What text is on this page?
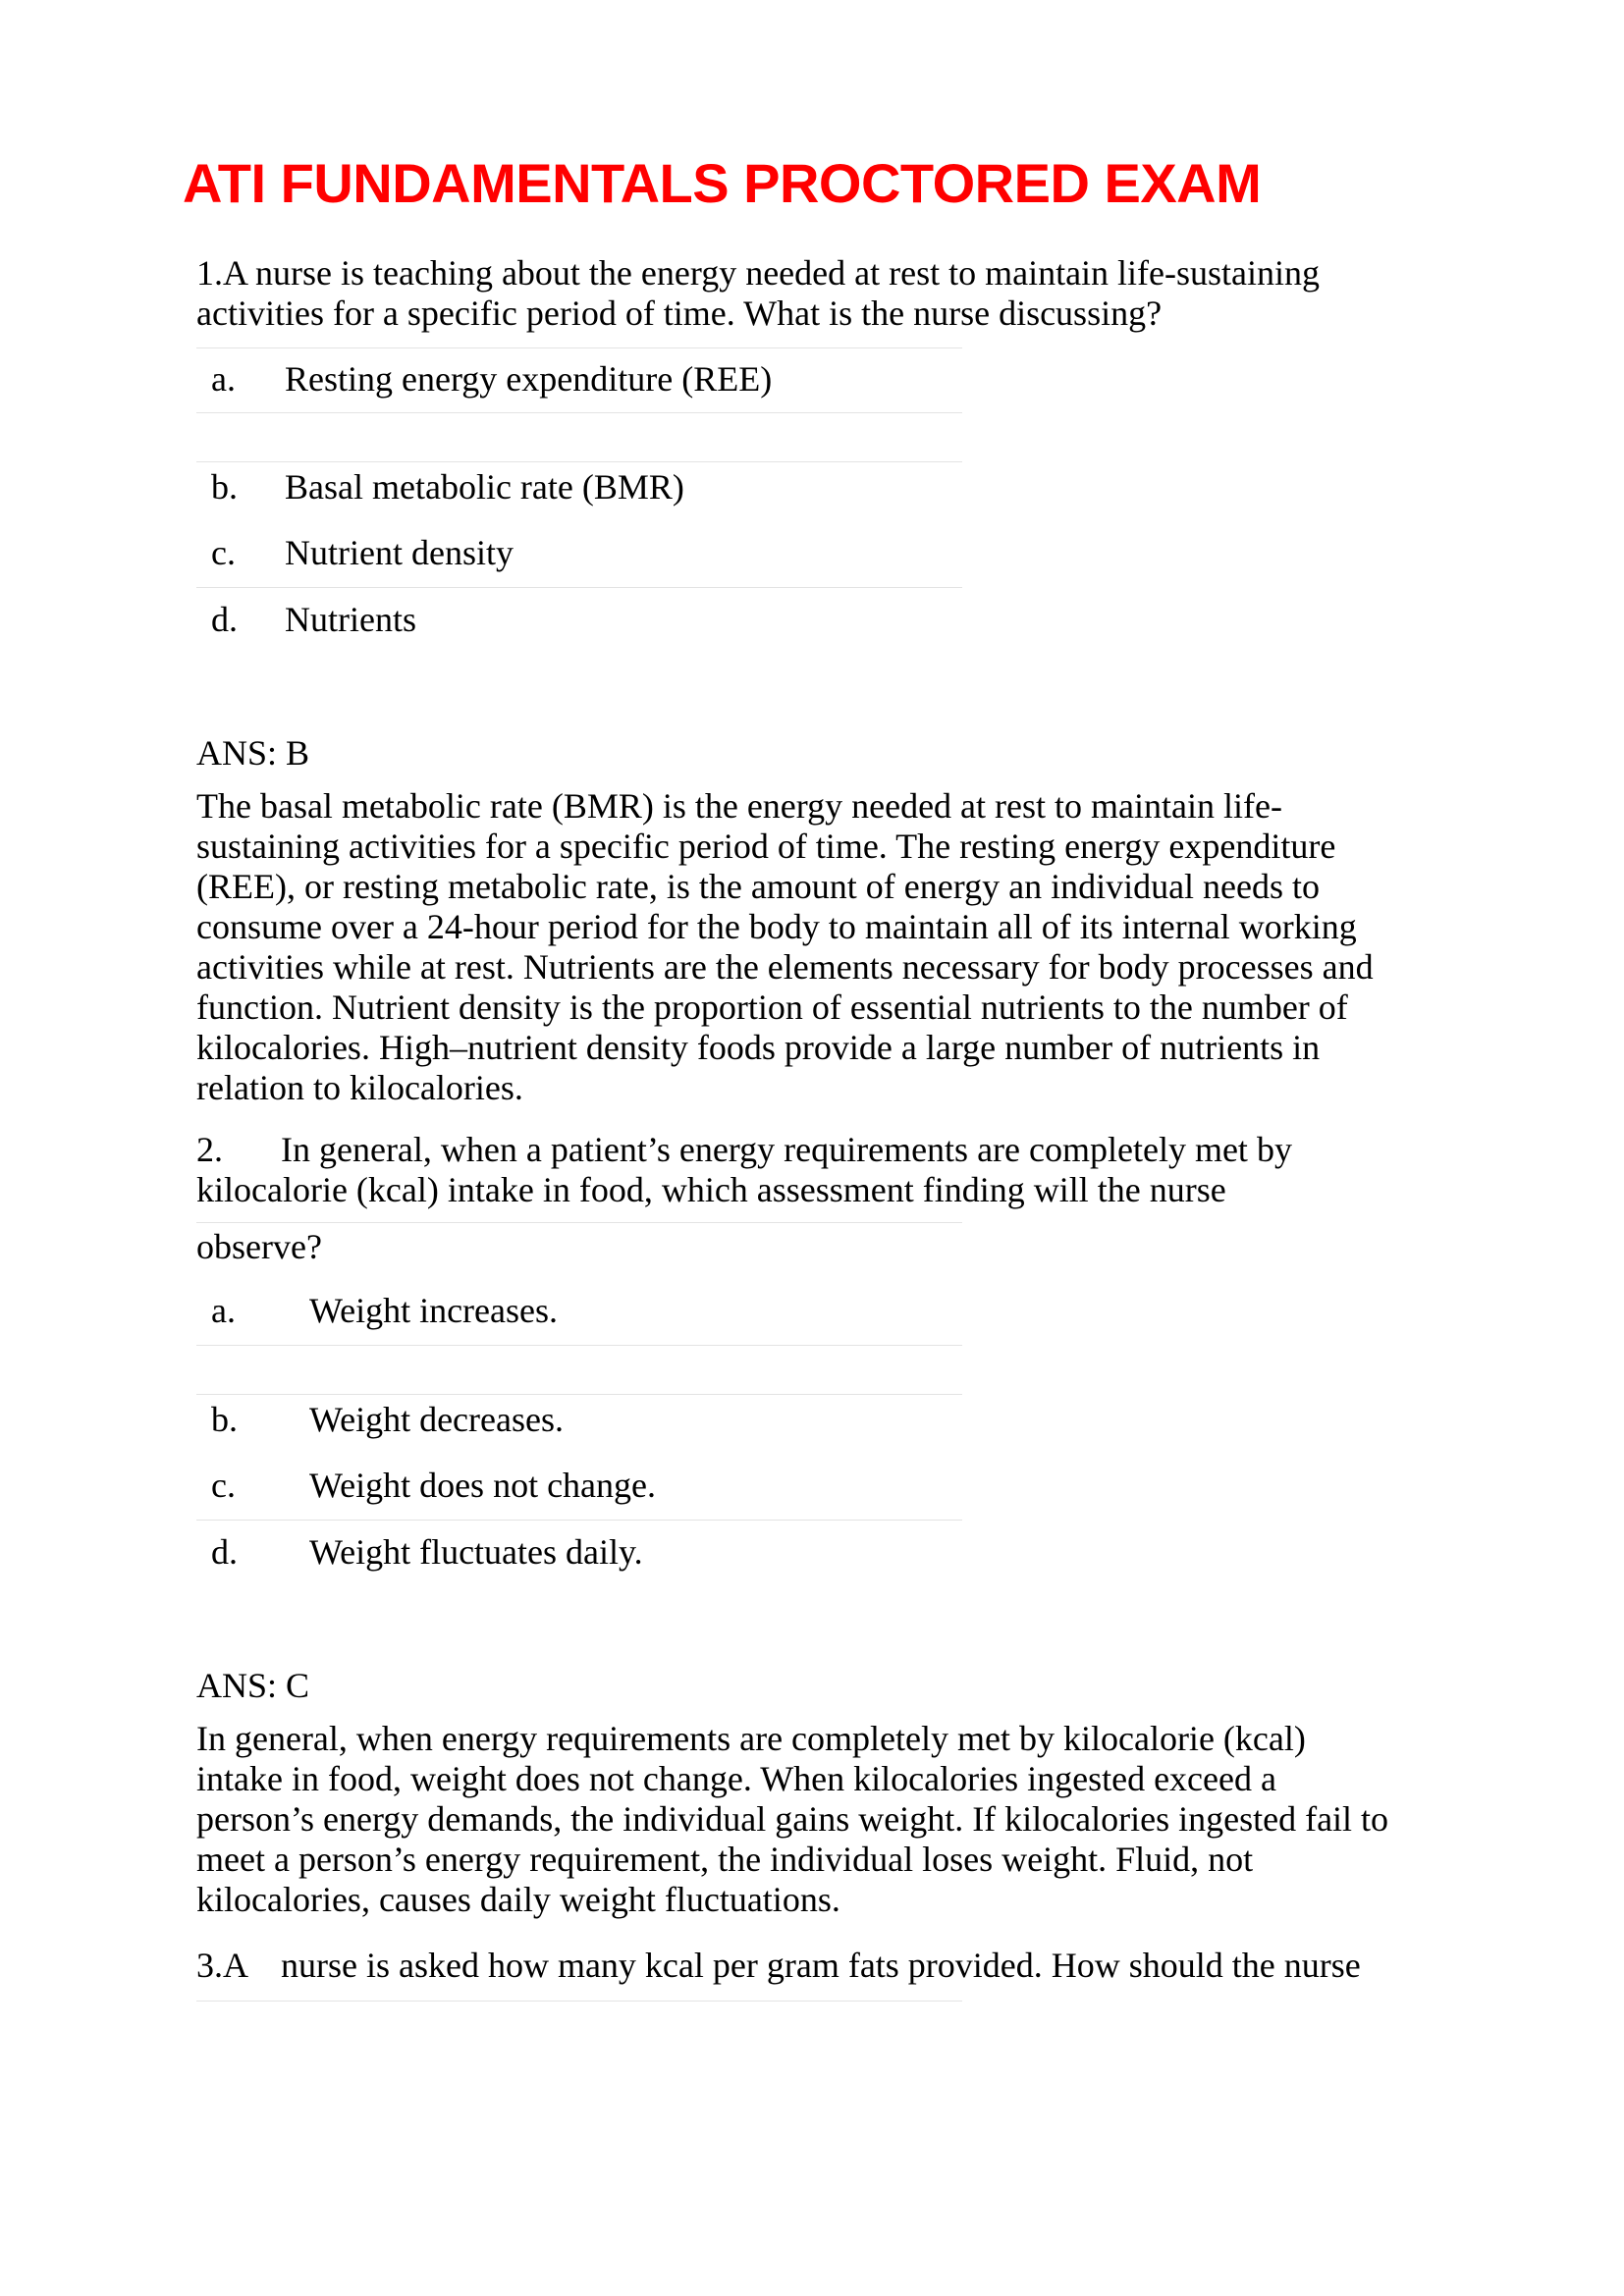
ATI FUNDAMENTALS PROCTORED EXAM
1.A nurse is teaching about the energy needed at rest to maintain life-sustaining
activities for a specific period of time. What is the nurse discussing?
a. Resting energy expenditure (REE)
b. Basal metabolic rate (BMR)
c. Nutrient density
d. Nutrients
ANS: B
The basal metabolic rate (BMR) is the energy needed at rest to maintain life-
sustaining activities for a specific period of time. The resting energy expenditure
(REE), or resting metabolic rate, is the amount of energy an individual needs to
consume over a 24-hour period for the body to maintain all of its internal working
activities while at rest. Nutrients are the elements necessary for body processes and
function. Nutrient density is the proportion of essential nutrients to the number of
kilocalories. High–nutrient density foods provide a large number of nutrients in
relation to kilocalories.
2. In general, when a patient’s energy requirements are completely met by
kilocalorie (kcal) intake in food, which assessment finding will the nurse
observe?
a. Weight increases.
b. Weight decreases.
c. Weight does not change.
d. Weight fluctuates daily.
ANS: C
In general, when energy requirements are completely met by kilocalorie (kcal)
intake in food, weight does not change. When kilocalories ingested exceed a
person’s energy demands, the individual gains weight. If kilocalories ingested fail to
meet a person’s energy requirement, the individual loses weight. Fluid, not
kilocalories, causes daily weight fluctuations.
3.A nurse is asked how many kcal per gram fats provided. How should the nurse
